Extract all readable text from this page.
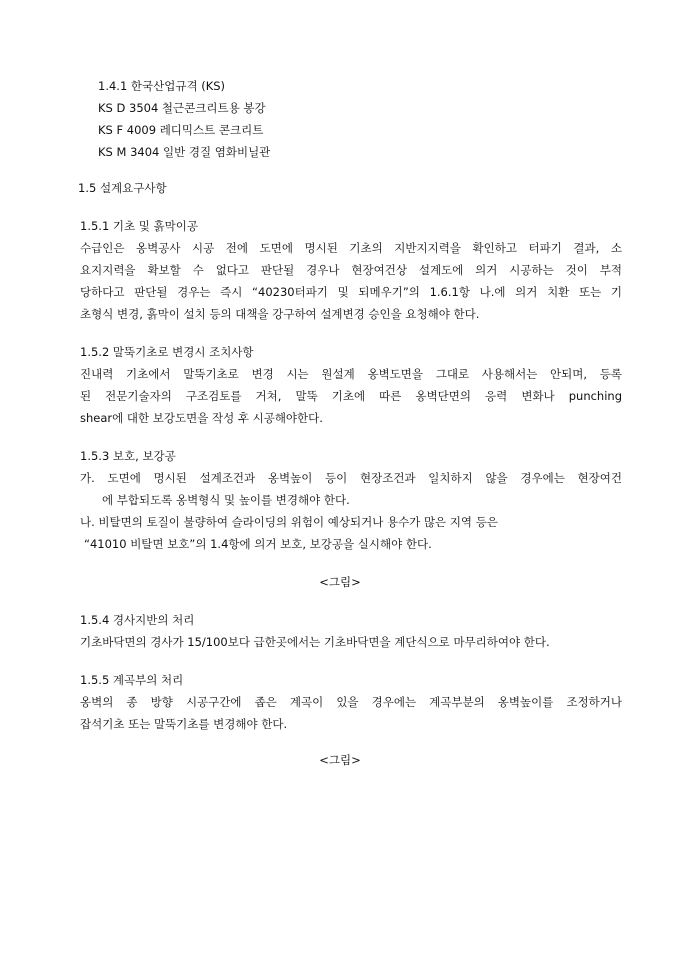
1.4.1 한국산업규격 (KS)
KS D 3504 철근콘크리트용 봉강
KS F 4009 레디믹스트 콘크리트
KS M 3404 일반 경질 염화비닐관
1.5 설계요구사항
1.5.1 기초 및 흙막이공
수급인은 옹벽공사 시공 전에 도면에 명시된 기초의 지반지지력을 확인하고 터파기 결과, 소
요지지력을 확보할 수 없다고 판단될 경우나 현장여건상 설계도에 의거 시공하는 것이 부적
당하다고 판단될 경우는 즉시 “40230터파기 및 되메우기”의 1.6.1항 나.에 의거 치환 또는 기
초형식 변경, 흙막이 설치 등의 대책을 강구하여 설계변경 승인을 요청해야 한다.
1.5.2 말뚝기초로 변경시 조치사항
진내력 기초에서 말뚝기초로 변경 시는 원설계 옹벽도면을 그대로 사용해서는 안되며, 등록
된 전문기술자의 구조검토를 거쳐, 말뚝 기초에 따른 옹벽단면의 응력 변화나 punching
shear에 대한 보강도면을 작성 후 시공해야한다.
1.5.3 보호, 보강공
가. 도면에 명시된 설계조건과 옹벽높이 등이 현장조건과 일치하지 않을 경우에는 현장여건
에 부합되도록 옹벽형식 및 높이를 변경해야 한다.
나. 비탈면의 토질이 불량하여 슬라이딩의 위험이 예상되거나 용수가 많은 지역 등은
“41010 비탈면 보호”의 1.4항에 의거 보호, 보강공을 실시해야 한다.
<그림>
1.5.4 경사지반의 처리
기초바닥면의 경사가 15/100보다 급한곳에서는 기초바닥면을 계단식으로 마무리하여야 한다.
1.5.5 계곡부의 처리
옹벽의 종 방향 시공구간에 좁은 계곡이 있을 경우에는 계곡부분의 옹벽높이를 조정하거나
잡석기초 또는 말뚝기초를 변경해야 한다.
<그림>
